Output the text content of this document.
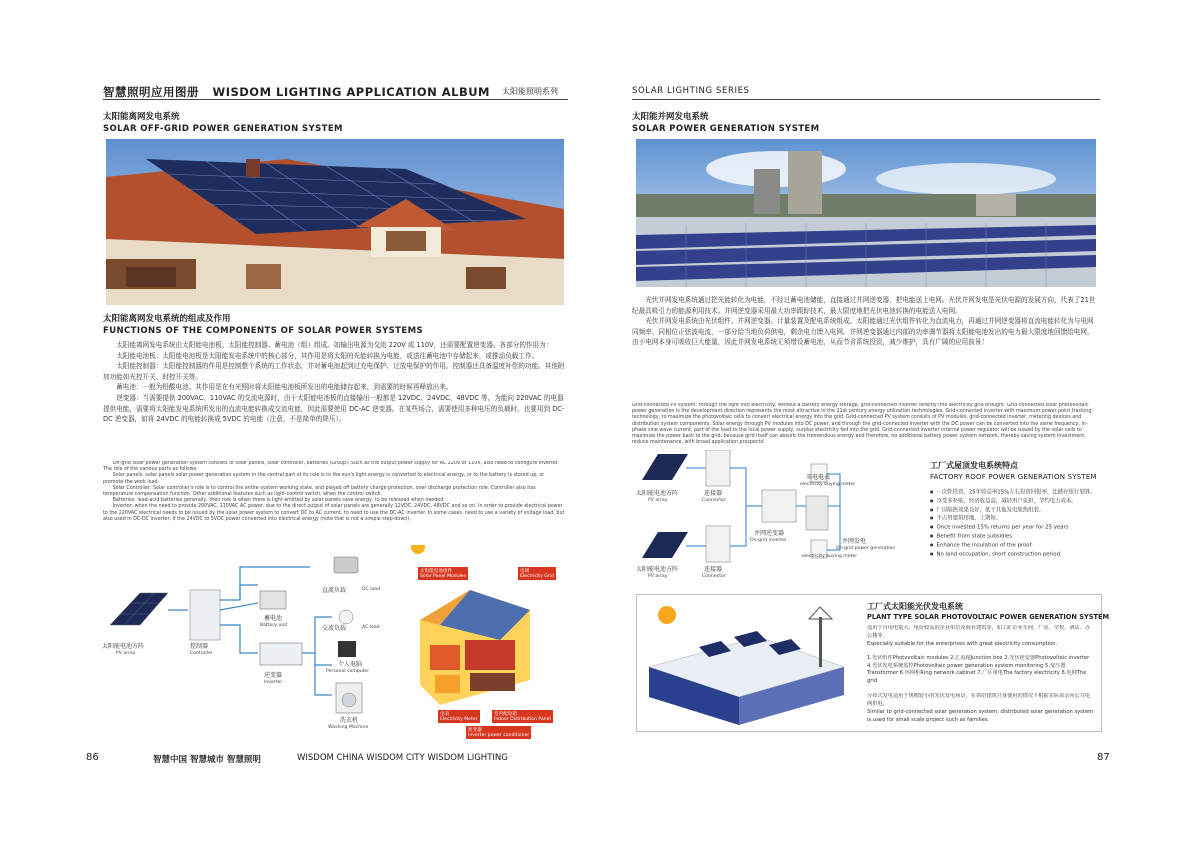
智慧照明应用图册 WISDOM LIGHTING APPLICATION ALBUM 太阳能照明系列
太阳能离网发电系统
SOLAR OFF-GRID POWER GENERATION SYSTEM
太阳能离网发电系统的组成及作用
FUNCTIONS OF THE COMPONENTS OF SOLAR POWER SYSTEMS
太阳能离网发电系统由太阳能电池板、太阳能控制器、蓄电池（组）组成。如输出电源为交流 220V 或 110V，还需要配置逆变器。各部分的作用为：
太阳能电池板：太阳能电池板是太阳能发电系统中的核心部分，其作用是将太阳的光能转换为电能，或送往蓄电池中存储起来，或推动负载工作。
太阳能控制器：太阳能控制器的作用是控制整个系统的工作状态，并对蓄电池起到过充电保护、过放电保护的作用。控制器还具备温度补偿的功能。其他附加功能如光控开关、时控开关等。
蓄电池：一般为铅酸电池。其作用是在有光照时将太阳能电池板所发出的电能储存起来，到需要的时候再释放出来。
逆变器：当需要提供 200VAC、110VAC 的交流电源时，由于太阳能电池板的直接输出一般都是 12VDC、24VDC、48VDC 等。为能向 220VAC 的电器提供电能，需要将太阳能发电系统所发出的直流电能转换成交流电能，因此需要使用 DC-AC 逆变器。在某些场合，需要使用多种电压的负载时，也要用到 DC-DC 逆变器，如将 24VDC 的电能转换成 5VDC 的电能（注意，不是简单的降压）。
Off-grid solar power generation system consists of solar panels, solar controller, batteries (Group). Such as the output power supply for AC 220V or 110V, also need to configure inverter. The role of the various parts as follows:
Solar panels: solar panels solar power generation system in the central part of its role is to the sun's light energy is converted to electrical energy, or to the battery is stored up, or promote the work load.
Solar Controller: Solar controller's role is to control the entire system working state, and played off battery charge protection, over discharge protection role. Controller also has temperature compensation function. Other additional features such as light-control switch, when the control switch.
Batteries: lead-acid batteries generally, their role is when there is light emitted by solar panels save energy, to be released when needed.
Inverter: when the need to provide 200VAC, 110VAC AC power, due to the direct output of solar panels are generally 12VDC, 24VDC, 48VDC and so on. In order to provide electrical power to the 220VAC electrical needs to be issued by the solar power system to convert DC to AC current, to need to use the DC-AC inverter. In some cases, need to use a variety of voltage load, but also used in DC-DC inverter, if the 24VDC to 5VDC power converted into electrical energy (note that is not a simple step-down).
太阳能电池方阵
PV array
控制器
Controller
蓄电池
Battery unit
逆变器
Inverter
直流负载	DC load
交流负载	AC load
个人电脑
Personal computer
洗衣机
Washing Machine
太阳能电池组件
Solar Panel Modules
电网
Electricity Grid
电表
Electricity Meter
室内配电箱
Indoor Distribution Panel
逆变器
Inverter power conditioner
86	智慧中国 智慧城市 智慧照明	WISDOM CHINA WISDOM CITY WISDOM LIGHTING
SOLAR LIGHTING SERIES
太阳能并网发电系统
SOLAR POWER GENERATION SYSTEM
光伏并网发电系统通过把光能转化为电能，不经过蓄电池储能，直接通过并网逆变器，把电能送上电网。光伏并网发电是光伏电源的发展方向，代表了21世纪最具吸引力的能源利用技术。并网逆变器采用最大功率跟踪技术，最大限度地把光伏电池转换的电能送入电网。
光伏并网发电系统由光伏组件、并网逆变器、计量装置及配电系统组成。太阳能通过光伏组件转化为直流电力，再通过并网逆变器将直流电能转化为与电网同频率、同相位正弦波电流，一部分给当地负荷供电，剩余电力馈入电网。并网逆变器通过内部的功率调节器将太阳能电池发出的电力最大限度地回馈给电网，由于电网本身可吸收巨大能量，因此并网发电系统无须增设蓄电池，从而节省系统投资，减少维护，具有广阔的应用前景！
Grid-connected PV system: through the light into electricity, without a battery energy storage, grid-connected inverter directly into electricity grid brought. Grid-connected solar photovoltaic power generation is the development direction represents the most attractive in the 21st century energy utilization technologies. Grid-connected inverter with maximum power point tracking technology, to maximize the photovoltaic cells to convert electrical energy into the grid. Grid-connected PV system consists of PV modules, grid-connected inverter, metering devices and distribution system components. Solar energy through PV modules into DC power, and through the grid-connected inverter with the DC power can be converted into the same frequency, in-phase sine wave current, part of the load to the local power supply, surplus electricity fed into the grid. Grid-connected inverter internal power regulator will be issued by the solar cells to maximize the power back to the grid, because grid itself can absorb the tremendous energy and therefore, no additional battery power system network, thereby saving system investment, reduce maintenance, with broad application prospects!
太阳能电池方阵
PV array
太阳能电池方阵
PV array
连接器
Connector
连接器
Connector
并网逆变器
On-grid inverter
买电电表
electricity buying meter
并网发电
On-grid power generation
electricity buying meter
工厂式屋顶发电系统特点
FACTORY ROOF POWER GENERATION SYSTEM
● 一次性投资，25年收益率15%左右投资回报率，比储存银行划算。
● 享受多补贴，经济收益高，减轻用户负担，节约电力成本。
● 厂房隔热效果良好，低于其他发电集热组装。
● 不占用建筑用地，工期短。
● Once invested 15% returns per year for 25 years
● Benefit from state subsidies.
● Enhance the insulation of the proof.
● No land occupation, short construction period.
工厂式太阳能光伏发电系统
PLANT TYPE SOLAR PHOTOVOLTAIC POWER GENERATION SYSTEM
适用于自用电量大、电价较高的企业单位及商业建筑等，如工矿企业车间、厂房、学校、酒店、办公楼等。
Especially suitable for the enterprises with great electricity consumption.
1.光伏组件Photovoltaic modules 2.汇流箱Junction box 3.光伏逆变器Photovoltaic inverter 4.光伏发电系统监控Photovoltaic power generation system monitoring 5.变压器Transformer 6.环网柜Ring network cabinet 7.厂区用电The factory electricity 8.电网The grid
分布式发电适用于规模较小的光伏发电场景，在供给建筑自身使用的情况下根据实际盈余向公共电网供电。
Similar to grid-connected solar generation system, distributed solar generation system is used for small scale project such as families.
87
